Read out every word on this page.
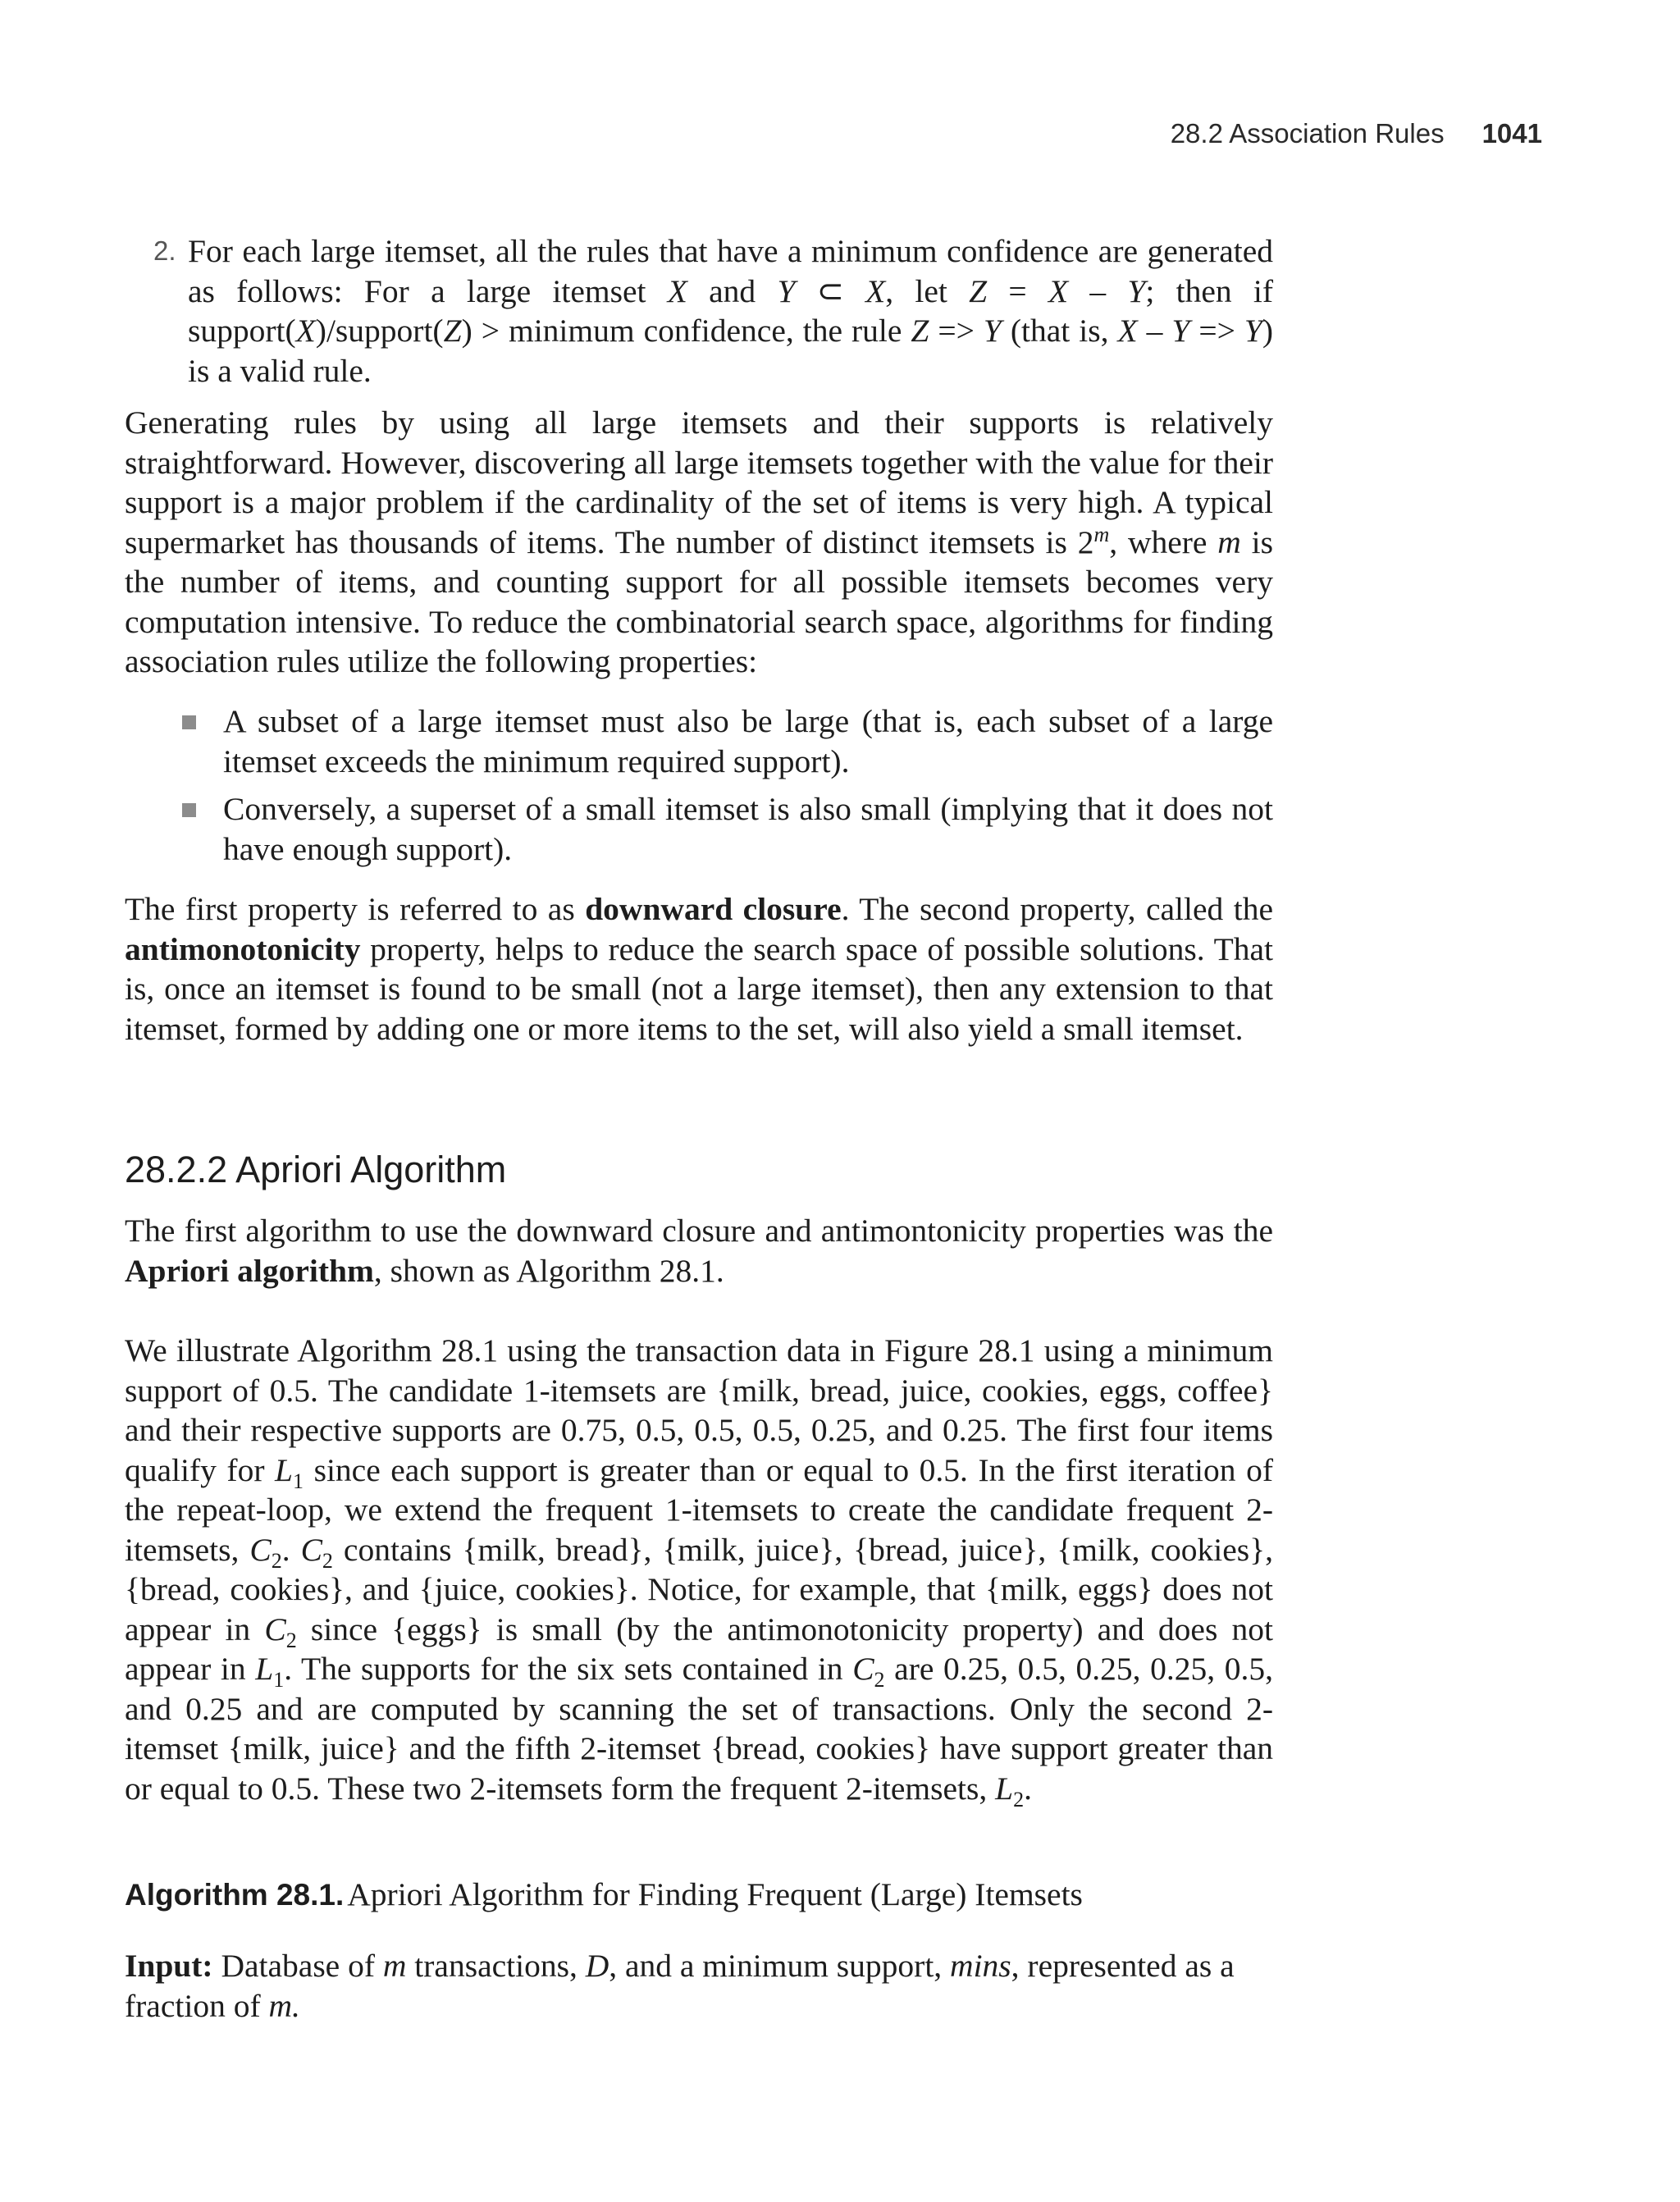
28.2 Association Rules 1041
2. For each large itemset, all the rules that have a minimum confidence are generated as follows: For a large itemset X and Y ⊂ X, let Z = X – Y; then if support(X)/support(Z) > minimum confidence, the rule Z => Y (that is, X – Y => Y) is a valid rule.

Generating rules by using all large itemsets and their supports is relatively straightforward. However, discovering all large itemsets together with the value for their support is a major problem if the cardinality of the set of items is very high. A typical supermarket has thousands of items. The number of distinct itemsets is 2$^m$, where m is the number of items, and counting support for all possible itemsets becomes very computation intensive. To reduce the combinatorial search space, algorithms for finding association rules utilize the following properties:

A subset of a large itemset must also be large (that is, each subset of a large itemset exceeds the minimum required support).
Conversely, a superset of a small itemset is also small (implying that it does not have enough support).

The first property is referred to as downward closure. The second property, called the antimonotonicity property, helps to reduce the search space of possible solutions. That is, once an itemset is found to be small (not a large itemset), then any extension to that itemset, formed by adding one or more items to the set, will also yield a small itemset.

28.2.2 Apriori Algorithm

The first algorithm to use the downward closure and antimontonicity properties was the Apriori algorithm, shown as Algorithm 28.1.

We illustrate Algorithm 28.1 using the transaction data in Figure 28.1 using a minimum support of 0.5. The candidate 1-itemsets are {milk, bread, juice, cookies, eggs, coffee} and their respective supports are 0.75, 0.5, 0.5, 0.5, 0.25, and 0.25. The first four items qualify for $L_1$ since each support is greater than or equal to 0.5. In the first iteration of the repeat-loop, we extend the frequent 1-itemsets to create the candidate frequent 2-itemsets, $C_2$. $C_2$ contains {milk, bread}, {milk, juice}, {bread, juice}, {milk, cookies}, {bread, cookies}, and {juice, cookies}. Notice, for example, that {milk, eggs} does not appear in $C_2$ since {eggs} is small (by the antimonotonicity property) and does not appear in $L_1$. The supports for the six sets contained in $C_2$ are 0.25, 0.5, 0.25, 0.25, 0.5, and 0.25 and are computed by scanning the set of transactions. Only the second 2-itemset {milk, juice} and the fifth 2-itemset {bread, cookies} have support greater than or equal to 0.5. These two 2-itemsets form the frequent 2-itemsets, $L_2$.

Algorithm 28.1. Apriori Algorithm for Finding Frequent (Large) Itemsets

Input: Database of m transactions, D, and a minimum support, mins, represented as a fraction of m.
